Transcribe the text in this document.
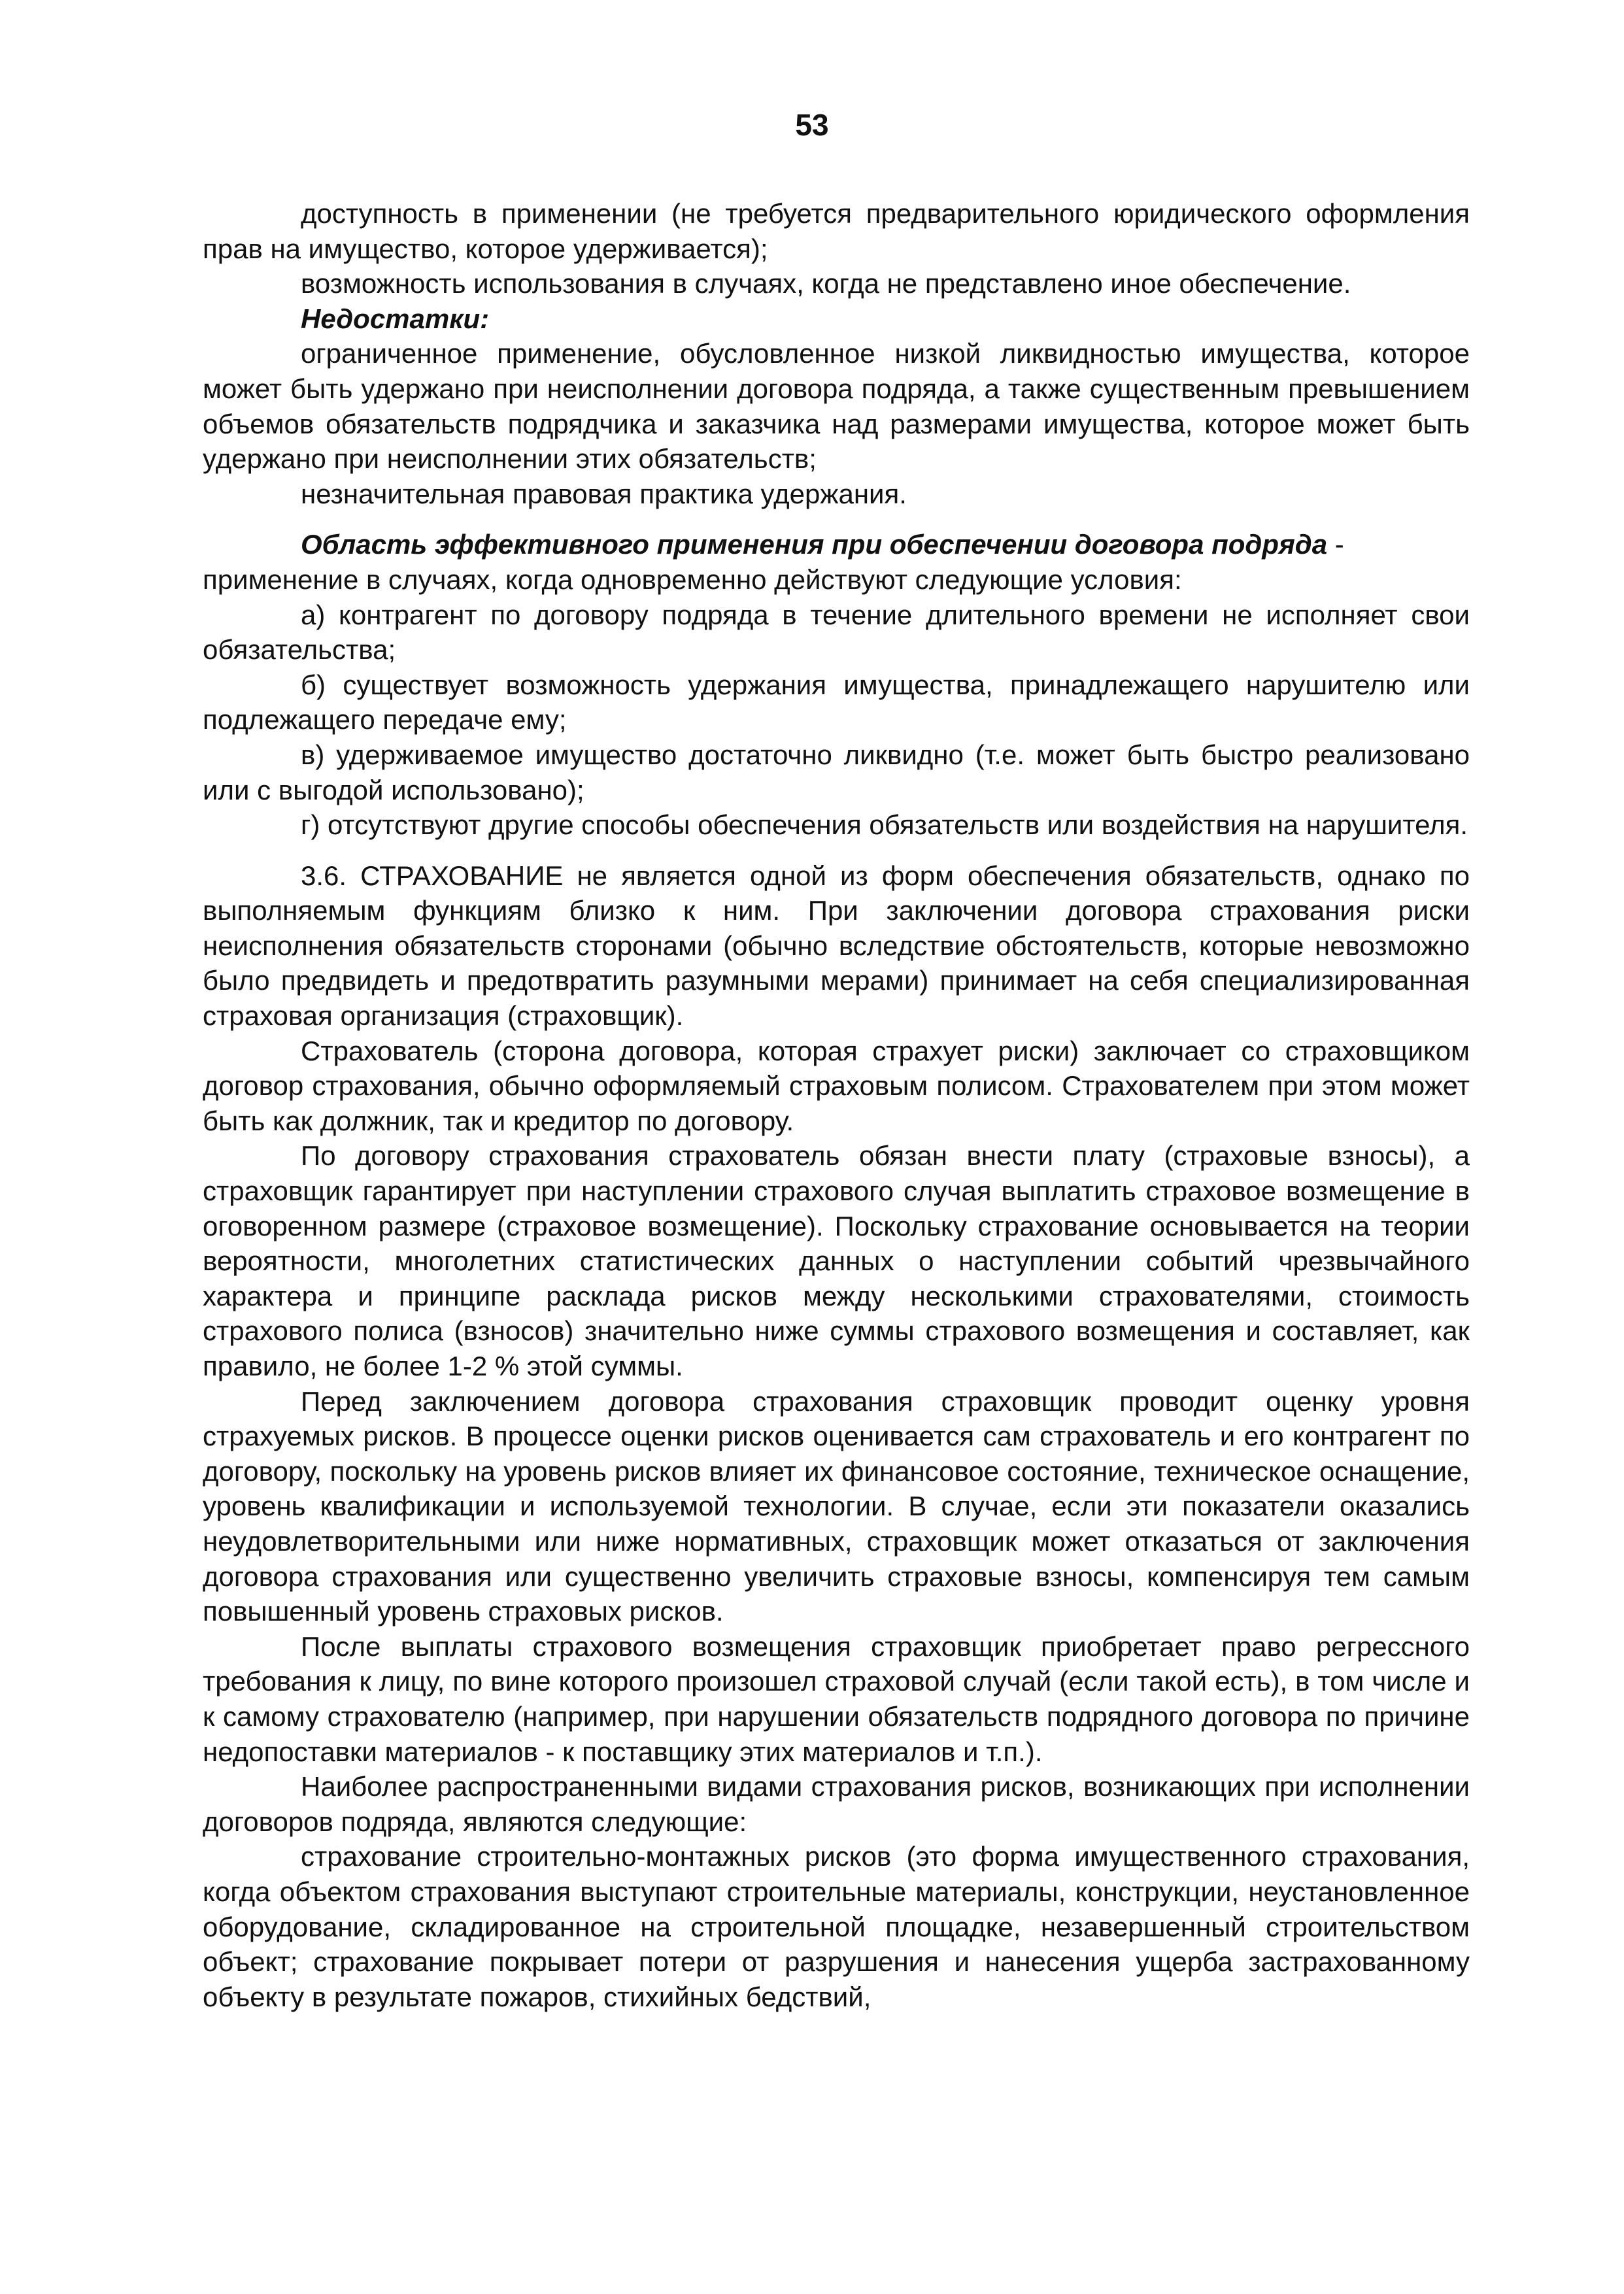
53

доступность в применении (не требуется предварительного юридического оформления прав на имущество, которое удерживается);

возможность использования в случаях, когда не представлено иное обеспечение.

Недостатки:

ограниченное применение, обусловленное низкой ликвидностью имущества, которое может быть удержано при неисполнении договора подряда, а также существенным превышением объемов обязательств подрядчика и заказчика над размерами имущества, которое может быть удержано при неисполнении этих обязательств;

незначительная правовая практика удержания.

Область эффективного применения при обеспечении договора подряда -

применение в случаях, когда одновременно действуют следующие условия:

а) контрагент по договору подряда в течение длительного времени не исполняет свои обязательства;

б) существует возможность удержания имущества, принадлежащего нарушителю или подлежащего передаче ему;

в) удерживаемое имущество достаточно ликвидно (т.е. может быть быстро реализовано или с выгодой использовано);

г) отсутствуют другие способы обеспечения обязательств или воздействия на нарушителя.

3.6. СТРАХОВАНИЕ не является одной из форм обеспечения обязательств, однако по выполняемым функциям близко к ним. При заключении договора страхования риски неисполнения обязательств сторонами (обычно вследствие обстоятельств, которые невозможно было предвидеть и предотвратить разумными мерами) принимает на себя специализированная страховая организация (страховщик).

Страхователь (сторона договора, которая страхует риски) заключает со страховщиком договор страхования, обычно оформляемый страховым полисом. Страхователем при этом может быть как должник, так и кредитор по договору.

По договору страхования страхователь обязан внести плату (страховые взносы), а страховщик гарантирует при наступлении страхового случая выплатить страховое возмещение в оговоренном размере (страховое возмещение). Поскольку страхование основывается на теории вероятности, многолетних статистических данных о наступлении событий чрезвычайного характера и принципе расклада рисков между несколькими страхователями, стоимость страхового полиса (взносов) значительно ниже суммы страхового возмещения и составляет, как правило, не более 1-2 % этой суммы.

Перед заключением договора страхования страховщик проводит оценку уровня страхуемых рисков. В процессе оценки рисков оценивается сам страхователь и его контрагент по договору, поскольку на уровень рисков влияет их финансовое состояние, техническое оснащение, уровень квалификации и используемой технологии. В случае, если эти показатели оказались неудовлетворительными или ниже нормативных, страховщик может отказаться от заключения договора страхования или существенно увеличить страховые взносы, компенсируя тем самым повышенный уровень страховых рисков.

После выплаты страхового возмещения страховщик приобретает право регрессного требования к лицу, по вине которого произошел страховой случай (если такой есть), в том числе и к самому страхователю (например, при нарушении обязательств подрядного договора по причине недопоставки материалов - к поставщику этих материалов и т.п.).

Наиболее распространенными видами страхования рисков, возникающих при исполнении договоров подряда, являются следующие:

страхование строительно-монтажных рисков (это форма имущественного страхования, когда объектом страхования выступают строительные материалы, конструкции, неустановленное оборудование, складированное на строительной площадке, незавершенный строительством объект; страхование покрывает потери от разрушения и нанесения ущерба застрахованному объекту в результате пожаров, стихийных бедствий,
